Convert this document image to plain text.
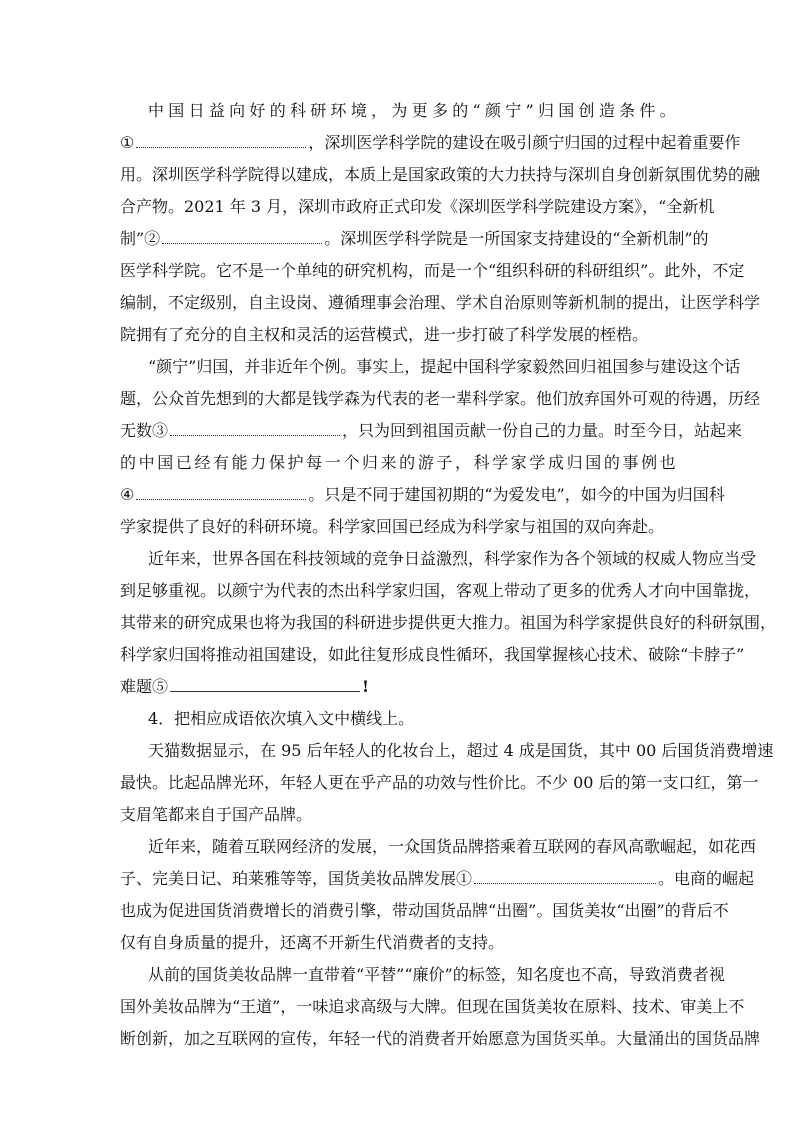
中 国 日 益 向 好 的 科 研 环 境 ， 为 更 多 的 “ 颜 宁 ” 归 国 创 造 条 件 。
①	，深圳医学科学院的建设在吸引颜宁归国的过程中起着重要作
用。深圳医学科学院得以建成，本质上是国家政策的大力扶持与深圳自身创新氛围优势的融
合产物。2021 年 3 月，深圳市政府正式印发《深圳医学科学院建设方案》，“全新机
制”②	。深圳医学科学院是一所国家支持建设的“全新机制”的
医学科学院。它不是一个单纯的研究机构，而是一个“组织科研的科研组织”。此外，不定
编制，不定级别，自主设岗、遵循理事会治理、学术自治原则等新机制的提出，让医学科学
院拥有了充分的自主权和灵活的运营模式，进一步打破了科学发展的桎梏。
“颜宁”归国，并非近年个例。事实上，提起中国科学家毅然回归祖国参与建设这个话
题，公众首先想到的大都是钱学森为代表的老一辈科学家。他们放弃国外可观的待遇，历经
无数③	，只为回到祖国贡献一份自己的力量。时至今日，站起来
的 中 国 已 经 有 能 力 保 护 每 一 个 归 来 的 游 子 ， 科 学 家 学 成 归 国 的 事 例 也
④	。只是不同于建国初期的“为爱发电”，如今的中国为归国科
学家提供了良好的科研环境。科学家回国已经成为科学家与祖国的双向奔赴。
近年来，世界各国在科技领域的竞争日益激烈，科学家作为各个领域的权威人物应当受
到足够重视。以颜宁为代表的杰出科学家归国，客观上带动了更多的优秀人才向中国靠拢，
其带来的研究成果也将为我国的科研进步提供更大推力。祖国为科学家提供良好的科研氛围，
科学家归国将推动祖国建设，如此往复形成良性循环，我国掌握核心技术、破除“卡脖子”
难题⑤	!
4．把相应成语依次填入文中横线上。
天猫数据显示，在 95 后年轻人的化妆台上，超过 4 成是国货，其中 00 后国货消费增速
最快。比起品牌光环，年轻人更在乎产品的功效与性价比。不少 00 后的第一支口红，第一
支眉笔都来自于国产品牌。
近年来，随着互联网经济的发展，一众国货品牌搭乘着互联网的春风高歌崛起，如花西
子、完美日记、珀莱雅等等，国货美妆品牌发展①	。电商的崛起
也成为促进国货消费增长的消费引擎，带动国货品牌“出圈”。国货美妆“出圈”的背后不
仅有自身质量的提升，还离不开新生代消费者的支持。
从前的国货美妆品牌一直带着“平替”“廉价”的标签，知名度也不高，导致消费者视
国外美妆品牌为“王道”，一味追求高级与大牌。但现在国货美妆在原料、技术、审美上不
断创新，加之互联网的宣传，年轻一代的消费者开始愿意为国货买单。大量涌出的国货品牌
